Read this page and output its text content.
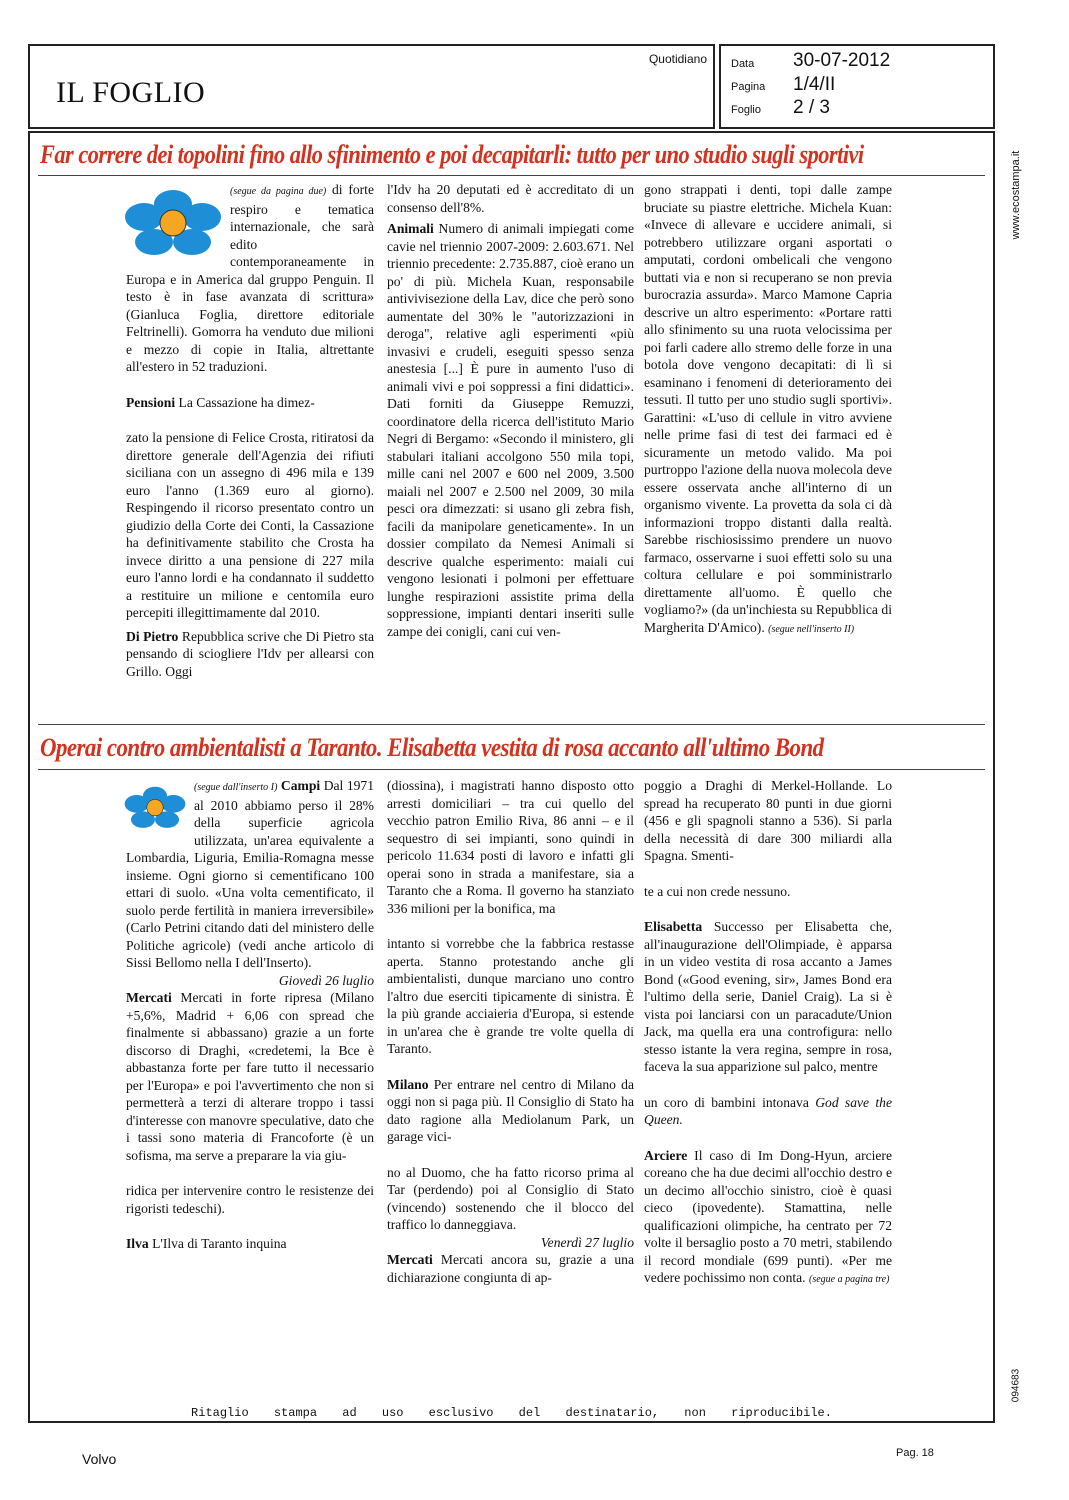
IL FOGLIO
Quotidiano Data	30-07-2012
Pagina	1/4/II
Foglio	2 / 3
www.ecostampa.it
094683
Far correre dei topolini fino allo sfinimento e poi decapitarli: tutto per uno studio sugli sportivi

(segue da pagina due) di forte respiro e tematica internazionale, che sarà edito contemporaneamente in Europa e in America dal gruppo Penguin. Il testo è in fase avanzata di scrittura» (Gianluca Foglia, direttore editoriale Feltrinelli). Gomorra ha venduto due milioni e mezzo di copie in Italia, altrettante all'estero in 52 traduzioni.

Pensioni La Cassazione ha dimez-

zato la pensione di Felice Crosta, ritiratosi da direttore generale dell'Agenzia dei rifiuti siciliana con un assegno di 496 mila e 139 euro l'anno (1.369 euro al giorno). Respingendo il ricorso presentato contro un giudizio della Corte dei Conti, la Cassazione ha definitivamente stabilito che Crosta ha invece diritto a una pensione di 227 mila euro l'anno lordi e ha condannato il suddetto a restituire un milione e centomila euro percepiti illegittimamente dal 2010.

Di Pietro Repubblica scrive che Di Pietro sta pensando di sciogliere l'Idv per allearsi con Grillo. Oggi

l'Idv ha 20 deputati ed è accreditato di un consenso dell'8%.

Animali Numero di animali impiegati come cavie nel triennio 2007-2009: 2.603.671. Nel triennio precedente: 2.735.887, cioè erano un po' di più. Michela Kuan, responsabile antivivisezione della Lav, dice che però sono aumentate del 30% le "autorizzazioni in deroga", relative agli esperimenti «più invasivi e crudeli, eseguiti spesso senza anestesia [...] È pure in aumento l'uso di animali vivi e poi soppressi a fini didattici». Dati forniti da Giuseppe Remuzzi, coordinatore della ricerca dell'istituto Mario Negri di Bergamo: «Secondo il ministero, gli stabulari italiani accolgono 550 mila topi, mille cani nel 2007 e 600 nel 2009, 3.500 maiali nel 2007 e 2.500 nel 2009, 30 mila pesci ora dimezzati: si usano gli zebra fish, facili da manipolare geneticamente». In un dossier compilato da Nemesi Animali si descrive qualche esperimento: maiali cui vengono lesionati i polmoni per effettuare lunghe respirazioni assistite prima della soppressione, impianti dentari inseriti sulle zampe dei conigli, cani cui ven-

gono strappati i denti, topi dalle zampe bruciate su piastre elettriche. Michela Kuan: «Invece di allevare e uccidere animali, si potrebbero utilizzare organi asportati o amputati, cordoni ombelicali che vengono buttati via e non si recuperano se non previa burocrazia assurda». Marco Mamone Capria descrive un altro esperimento: «Portare ratti allo sfinimento su una ruota velocissima per poi farli cadere allo stremo delle forze in una botola dove vengono decapitati: di lì si esaminano i fenomeni di deterioramento dei tessuti. Il tutto per uno studio sugli sportivi». Garattini: «L'uso di cellule in vitro avviene nelle prime fasi di test dei farmaci ed è sicuramente un metodo valido. Ma poi purtroppo l'azione della nuova molecola deve essere osservata anche all'interno di un organismo vivente. La provetta da sola ci dà informazioni troppo distanti dalla realtà. Sarebbe rischiosissimo prendere un nuovo farmaco, osservarne i suoi effetti solo su una coltura cellulare e poi somministrarlo direttamente all'uomo. È quello che vogliamo?» (da un'inchiesta su Repubblica di Margherita D'Amico). (segue nell'inserto II)

Operai contro ambientalisti a Taranto. Elisabetta vestita di rosa accanto all'ultimo Bond

(segue dall'inserto I) Campi Dal 1971 al 2010 abbiamo perso il 28% della superficie agricola utilizzata, un'area equivalente a Lombardia, Liguria, Emilia-Romagna messe insieme. Ogni giorno si cementificano 100 ettari di suolo. «Una volta cementificato, il suolo perde fertilità in maniera irreversibile» (Carlo Petrini citando dati del ministero delle Politiche agricole) (vedi anche articolo di Sissi Bellomo nella I dell'Inserto).

Giovedì 26 luglio

Mercati Mercati in forte ripresa (Milano +5,6%, Madrid + 6,06 con spread che finalmente si abbassano) grazie a un forte discorso di Draghi, «credetemi, la Bce è abbastanza forte per fare tutto il necessario per l'Europa» e poi l'avvertimento che non si permetterà a terzi di alterare troppo i tassi d'interesse con manovre speculative, dato che i tassi sono materia di Francoforte (è un sofisma, ma serve a preparare la via giu-

ridica per intervenire contro le resistenze dei rigoristi tedeschi).

Ilva L'Ilva di Taranto inquina

(diossina), i magistrati hanno disposto otto arresti domiciliari – tra cui quello del vecchio patron Emilio Riva, 86 anni – e il sequestro di sei impianti, sono quindi in pericolo 11.634 posti di lavoro e infatti gli operai sono in strada a manifestare, sia a Taranto che a Roma. Il governo ha stanziato 336 milioni per la bonifica, ma

intanto si vorrebbe che la fabbrica restasse aperta. Stanno protestando anche gli ambientalisti, dunque marciano uno contro l'altro due eserciti tipicamente di sinistra. È la più grande acciaieria d'Europa, si estende in un'area che è grande tre volte quella di Taranto.

Milano Per entrare nel centro di Milano da oggi non si paga più. Il Consiglio di Stato ha dato ragione alla Mediolanum Park, un garage vici-

no al Duomo, che ha fatto ricorso prima al Tar (perdendo) poi al Consiglio di Stato (vincendo) sostenendo che il blocco del traffico lo danneggiava.

Venerdì 27 luglio

Mercati Mercati ancora su, grazie a una dichiarazione congiunta di ap-

poggio a Draghi di Merkel-Hollande. Lo spread ha recuperato 80 punti in due giorni (456 e gli spagnoli stanno a 536). Si parla della necessità di dare 300 miliardi alla Spagna. Smenti-

te a cui non crede nessuno.

Elisabetta Successo per Elisabetta che, all'inaugurazione dell'Olimpiade, è apparsa in un video vestita di rosa accanto a James Bond («Good evening, sir», James Bond era l'ultimo della serie, Daniel Craig). La si è vista poi lanciarsi con un paracadute/Union Jack, ma quella era una controfigura: nello stesso istante la vera regina, sempre in rosa, faceva la sua apparizione sul palco, mentre

un coro di bambini intonava God save the Queen.

Arciere Il caso di Im Dong-Hyun, arciere coreano che ha due decimi all'occhio destro e un decimo all'occhio sinistro, cioè è quasi cieco (ipovedente). Stamattina, nelle qualificazioni olimpiche, ha centrato per 72 volte il bersaglio posto a 70 metri, stabilendo il record mondiale (699 punti). «Per me vedere pochissimo non conta. (segue a pagina tre)

Ritaglio stampa ad uso esclusivo del destinatario, non riproducibile.
Volvo	Pag. 18
